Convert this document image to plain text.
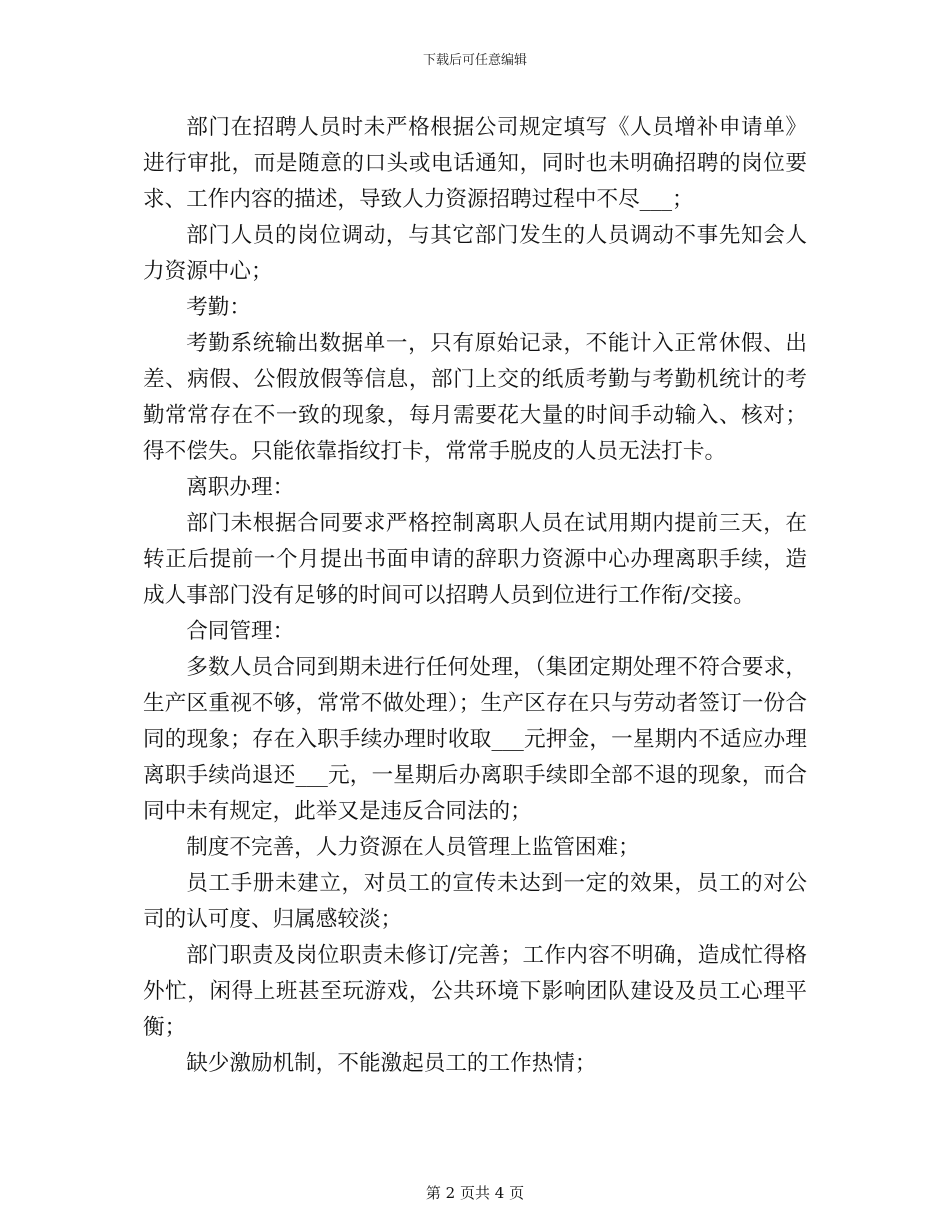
下载后可任意编辑

部门在招聘人员时未严格根据公司规定填写《人员增补申请单》进行审批，而是随意的口头或电话通知，同时也未明确招聘的岗位要求、工作内容的描述，导致人力资源招聘过程中不尽___；

部门人员的岗位调动，与其它部门发生的人员调动不事先知会人力资源中心；

考勤：

考勤系统输出数据单一，只有原始记录，不能计入正常休假、出差、病假、公假放假等信息，部门上交的纸质考勤与考勤机统计的考勤常常存在不一致的现象，每月需要花大量的时间手动输入、核对；得不偿失。只能依靠指纹打卡，常常手脱皮的人员无法打卡。

离职办理：

部门未根据合同要求严格控制离职人员在试用期内提前三天，在转正后提前一个月提出书面申请的辞职力资源中心办理离职手续，造成人事部门没有足够的时间可以招聘人员到位进行工作衔/交接。

合同管理：

多数人员合同到期未进行任何处理，（集团定期处理不符合要求，生产区重视不够，常常不做处理）；生产区存在只与劳动者签订一份合同的现象；存在入职手续办理时收取___元押金，一星期内不适应办理离职手续尚退还___元，一星期后办离职手续即全部不退的现象，而合同中未有规定，此举又是违反合同法的；

制度不完善，人力资源在人员管理上监管困难；

员工手册未建立，对员工的宣传未达到一定的效果，员工的对公司的认可度、归属感较淡；

部门职责及岗位职责未修订/完善；工作内容不明确，造成忙得格外忙，闲得上班甚至玩游戏，公共环境下影响团队建设及员工心理平衡；

缺少激励机制，不能激起员工的工作热情；

第 2 页共 4 页
